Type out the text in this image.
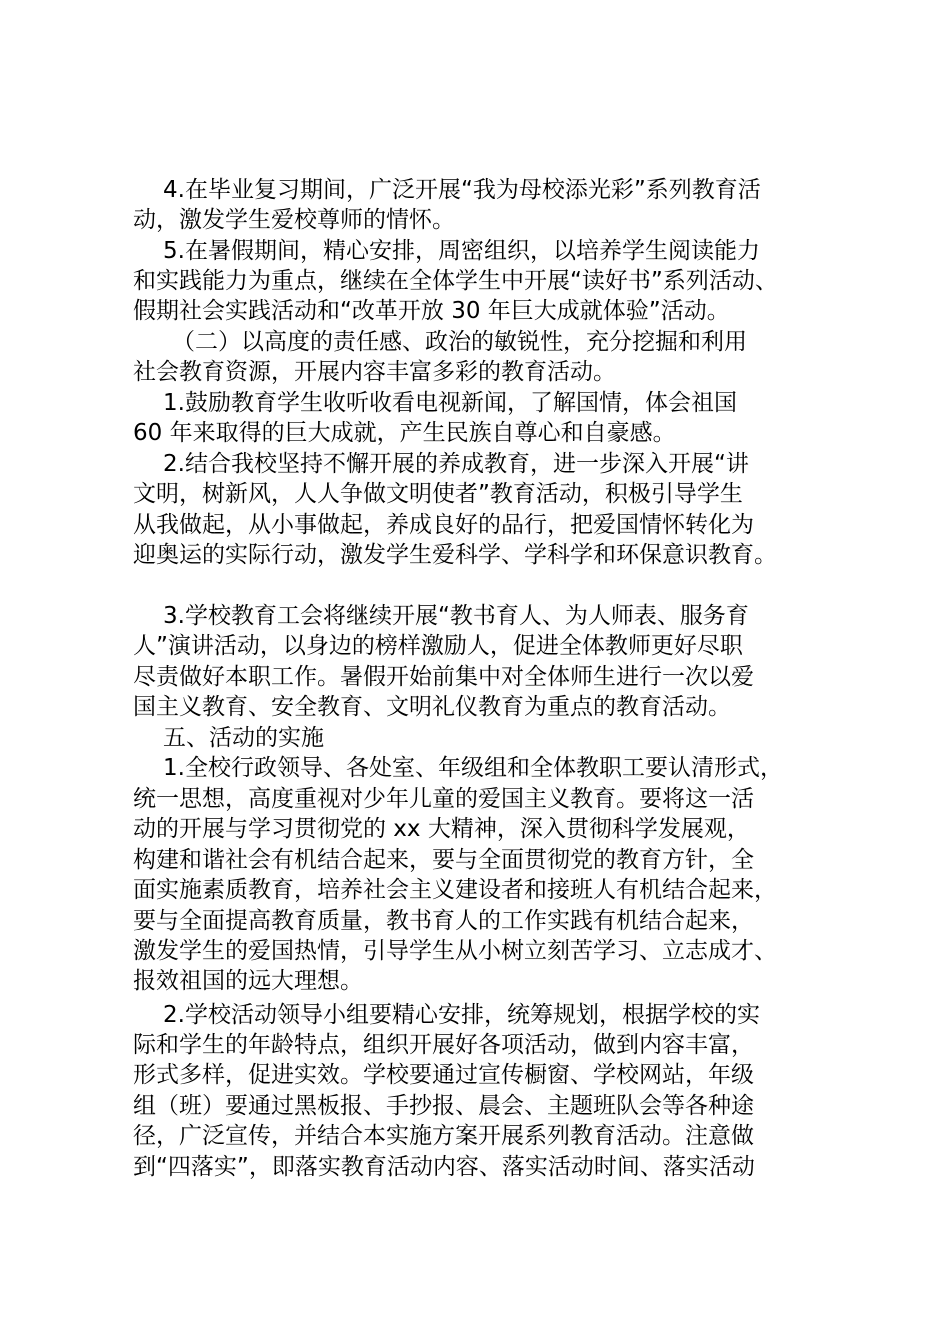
4.在毕业复习期间，广泛开展“我为母校添光彩”系列教育活
动，激发学生爱校尊师的情怀。
5.在暑假期间，精心安排，周密组织，以培养学生阅读能力
和实践能力为重点，继续在全体学生中开展“读好书”系列活动、
假期社会实践活动和“改革开放 30 年巨大成就体验”活动。
（二）以高度的责任感、政治的敏锐性，充分挖掘和利用
社会教育资源，开展内容丰富多彩的教育活动。
1.鼓励教育学生收听收看电视新闻，了解国情，体会祖国
60 年来取得的巨大成就，产生民族自尊心和自豪感。
2.结合我校坚持不懈开展的养成教育，进一步深入开展“讲
文明，树新风，人人争做文明使者”教育活动，积极引导学生
从我做起，从小事做起，养成良好的品行，把爱国情怀转化为
迎奥运的实际行动，激发学生爱科学、学科学和环保意识教育。
3.学校教育工会将继续开展“教书育人、为人师表、服务育
人”演讲活动，以身边的榜样激励人，促进全体教师更好尽职
尽责做好本职工作。暑假开始前集中对全体师生进行一次以爱
国主义教育、安全教育、文明礼仪教育为重点的教育活动。
五、活动的实施
1.全校行政领导、各处室、年级组和全体教职工要认清形式，
统一思想，高度重视对少年儿童的爱国主义教育。要将这一活
动的开展与学习贯彻党的 xx 大精神，深入贯彻科学发展观，
构建和谐社会有机结合起来，要与全面贯彻党的教育方针，全
面实施素质教育，培养社会主义建设者和接班人有机结合起来，
要与全面提高教育质量，教书育人的工作实践有机结合起来，
激发学生的爱国热情，引导学生从小树立刻苦学习、立志成才、
报效祖国的远大理想。
2.学校活动领导小组要精心安排，统筹规划，根据学校的实
际和学生的年龄特点，组织开展好各项活动，做到内容丰富，
形式多样，促进实效。学校要通过宣传橱窗、学校网站，年级
组（班）要通过黑板报、手抄报、晨会、主题班队会等各种途
径，广泛宣传，并结合本实施方案开展系列教育活动。注意做
到“四落实”，即落实教育活动内容、落实活动时间、落实活动
